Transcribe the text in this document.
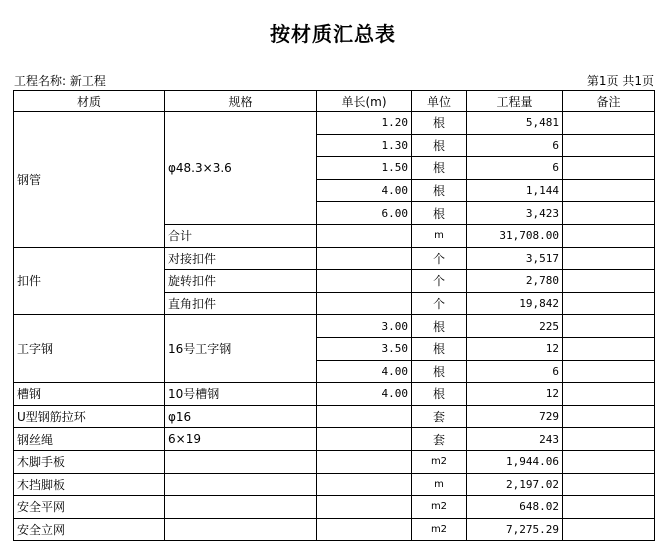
按材质汇总表
工程名称: 新工程	第1页 共1页
材质	规格	单长(m)	单位	工程量	备注
钢管	φ48.3×3.6	1.20	根	5,481	
		1.30	根	6	
		1.50	根	6	
		4.00	根	1,144	
		6.00	根	3,423	
	合计		m	31,708.00	
扣件	对接扣件		个	3,517	
	旋转扣件		个	2,780	
	直角扣件		个	19,842	
工字钢	16号工字钢	3.00	根	225	
		3.50	根	12	
		4.00	根	6	
槽钢	10号槽钢	4.00	根	12	
U型钢筋拉环	φ16		套	729	
钢丝绳	6×19		套	243	
木脚手板			m2	1,944.06	
木挡脚板			m	2,197.02	
安全平网			m2	648.02	
安全立网			m2	7,275.29	
